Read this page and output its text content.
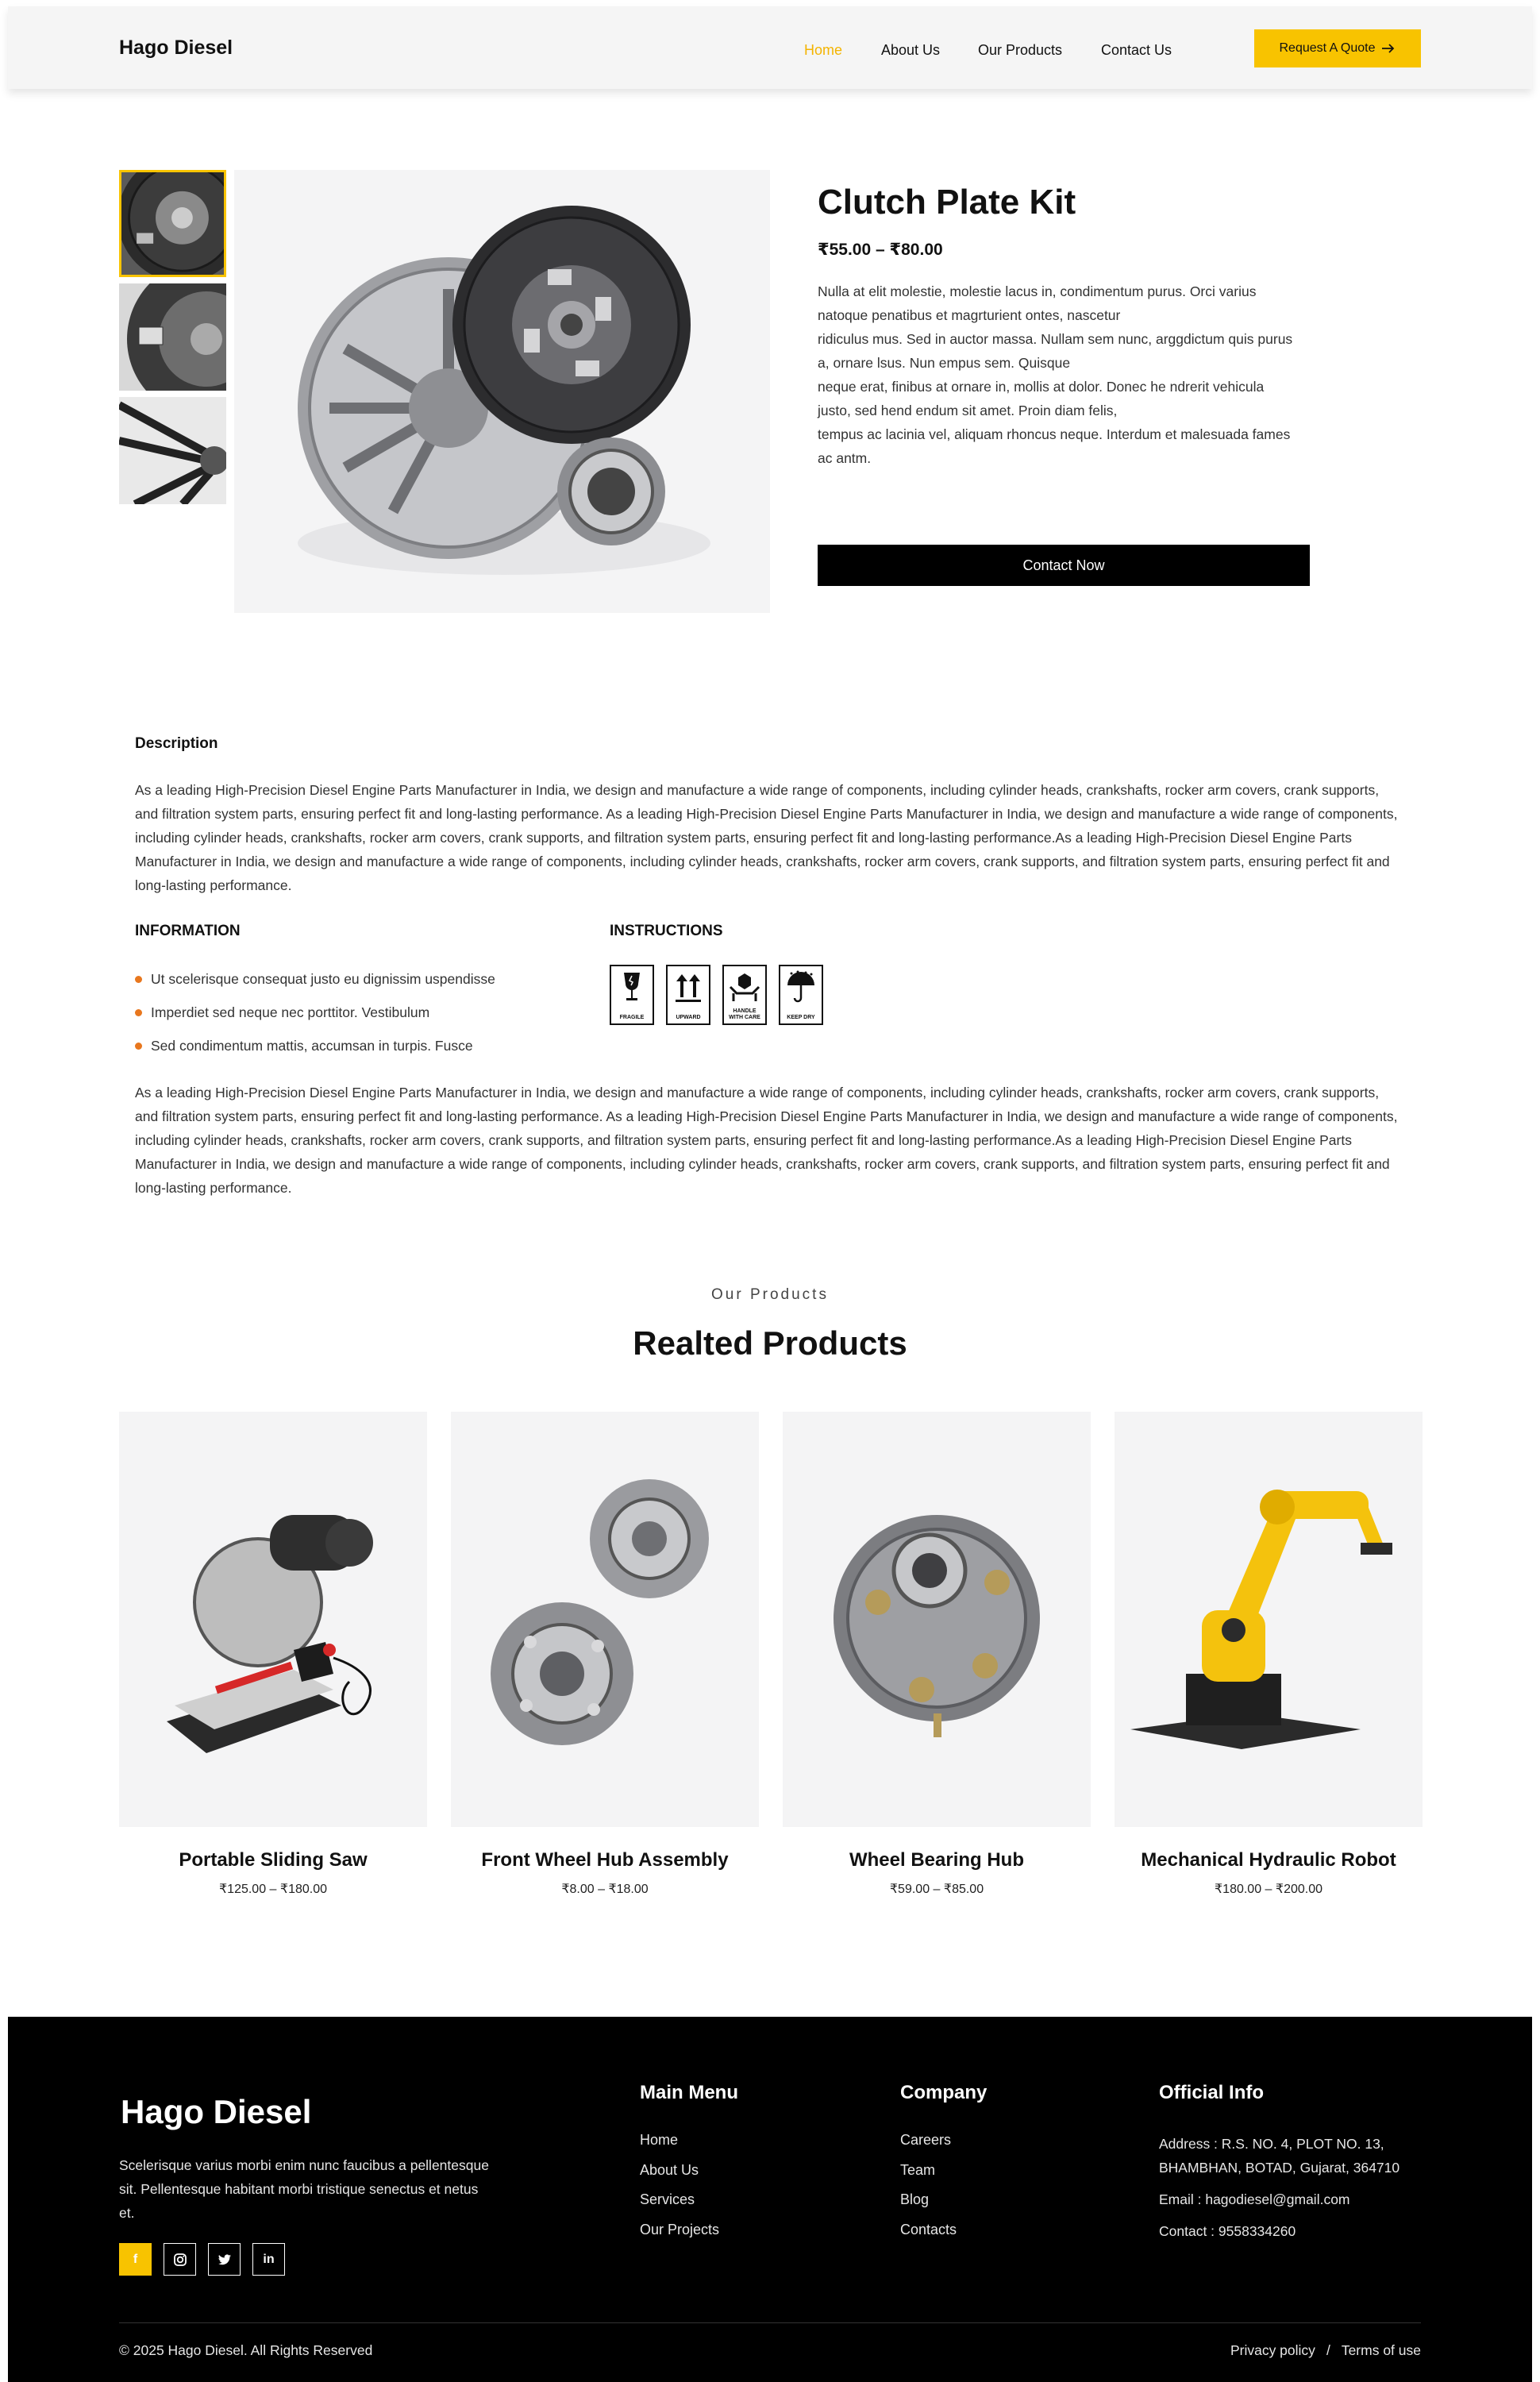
Hago Diesel	Home	About Us	Our Products	Contact Us	Request A Quote
Clutch Plate Kit
₹55.00 – ₹80.00
Nulla at elit molestie, molestie lacus in, condimentum purus. Orci varius
natoque penatibus et magrturient ontes, nascetur
ridiculus mus. Sed in auctor massa. Nullam sem nunc, arggdictum quis purus
a, ornare lsus. Nun empus sem. Quisque
neque erat, finibus at ornare in, mollis at dolor. Donec he ndrerit vehicula
justo, sed hend endum sit amet. Proin diam felis,
tempus ac lacinia vel, aliquam rhoncus neque. Interdum et malesuada fames
ac antm.
Contact Now
Description

As a leading High-Precision Diesel Engine Parts Manufacturer in India, we design and manufacture a wide range of components, including cylinder heads, crankshafts, rocker arm covers, crank supports, and filtration system parts, ensuring perfect fit and long-lasting performance. As a leading High-Precision Diesel Engine Parts Manufacturer in India, we design and manufacture a wide range of components, including cylinder heads, crankshafts, rocker arm covers, crank supports, and filtration system parts, ensuring perfect fit and long-lasting performance.As a leading High-Precision Diesel Engine Parts Manufacturer in India, we design and manufacture a wide range of components, including cylinder heads, crankshafts, rocker arm covers, crank supports, and filtration system parts, ensuring perfect fit and long-lasting performance.

INFORMATION
Ut scelerisque consequat justo eu dignissim uspendisse
Imperdiet sed neque nec porttitor. Vestibulum
Sed condimentum mattis, accumsan in turpis. Fusce
INSTRUCTIONS
FRAGILE	UPWARD
HANDLE WITH CARE	KEEP DRY

As a leading High-Precision Diesel Engine Parts Manufacturer in India, we design and manufacture a wide range of components, including cylinder heads, crankshafts, rocker arm covers, crank supports, and filtration system parts, ensuring perfect fit and long-lasting performance. As a leading High-Precision Diesel Engine Parts Manufacturer in India, we design and manufacture a wide range of components, including cylinder heads, crankshafts, rocker arm covers, crank supports, and filtration system parts, ensuring perfect fit and long-lasting performance.As a leading High-Precision Diesel Engine Parts Manufacturer in India, we design and manufacture a wide range of components, including cylinder heads, crankshafts, rocker arm covers, crank supports, and filtration system parts, ensuring perfect fit and long-lasting performance.

Our Products
Realted Products
Portable Sliding Saw
₹125.00 – ₹180.00
Front Wheel Hub Assembly
₹8.00 – ₹18.00
Wheel Bearing Hub
₹59.00 – ₹85.00
Mechanical Hydraulic Robot
₹180.00 – ₹200.00
Hago Diesel

Scelerisque varius morbi enim nunc faucibus a pellentesque sit. Pellentesque habitant morbi tristique senectus et netus et.

f	in
Main Menu
Home
About Us
Services
Our Projects
Company
Careers
Team
Blog
Contacts
Official Info

Address : R.S. NO. 4, PLOT NO. 13, BHAMBHAN, BOTAD, Gujarat, 364710

Email : hagodiesel@gmail.com

Contact : 9558334260

© 2025 Hago Diesel. All Rights Reserved	Privacy policy / Terms of use
